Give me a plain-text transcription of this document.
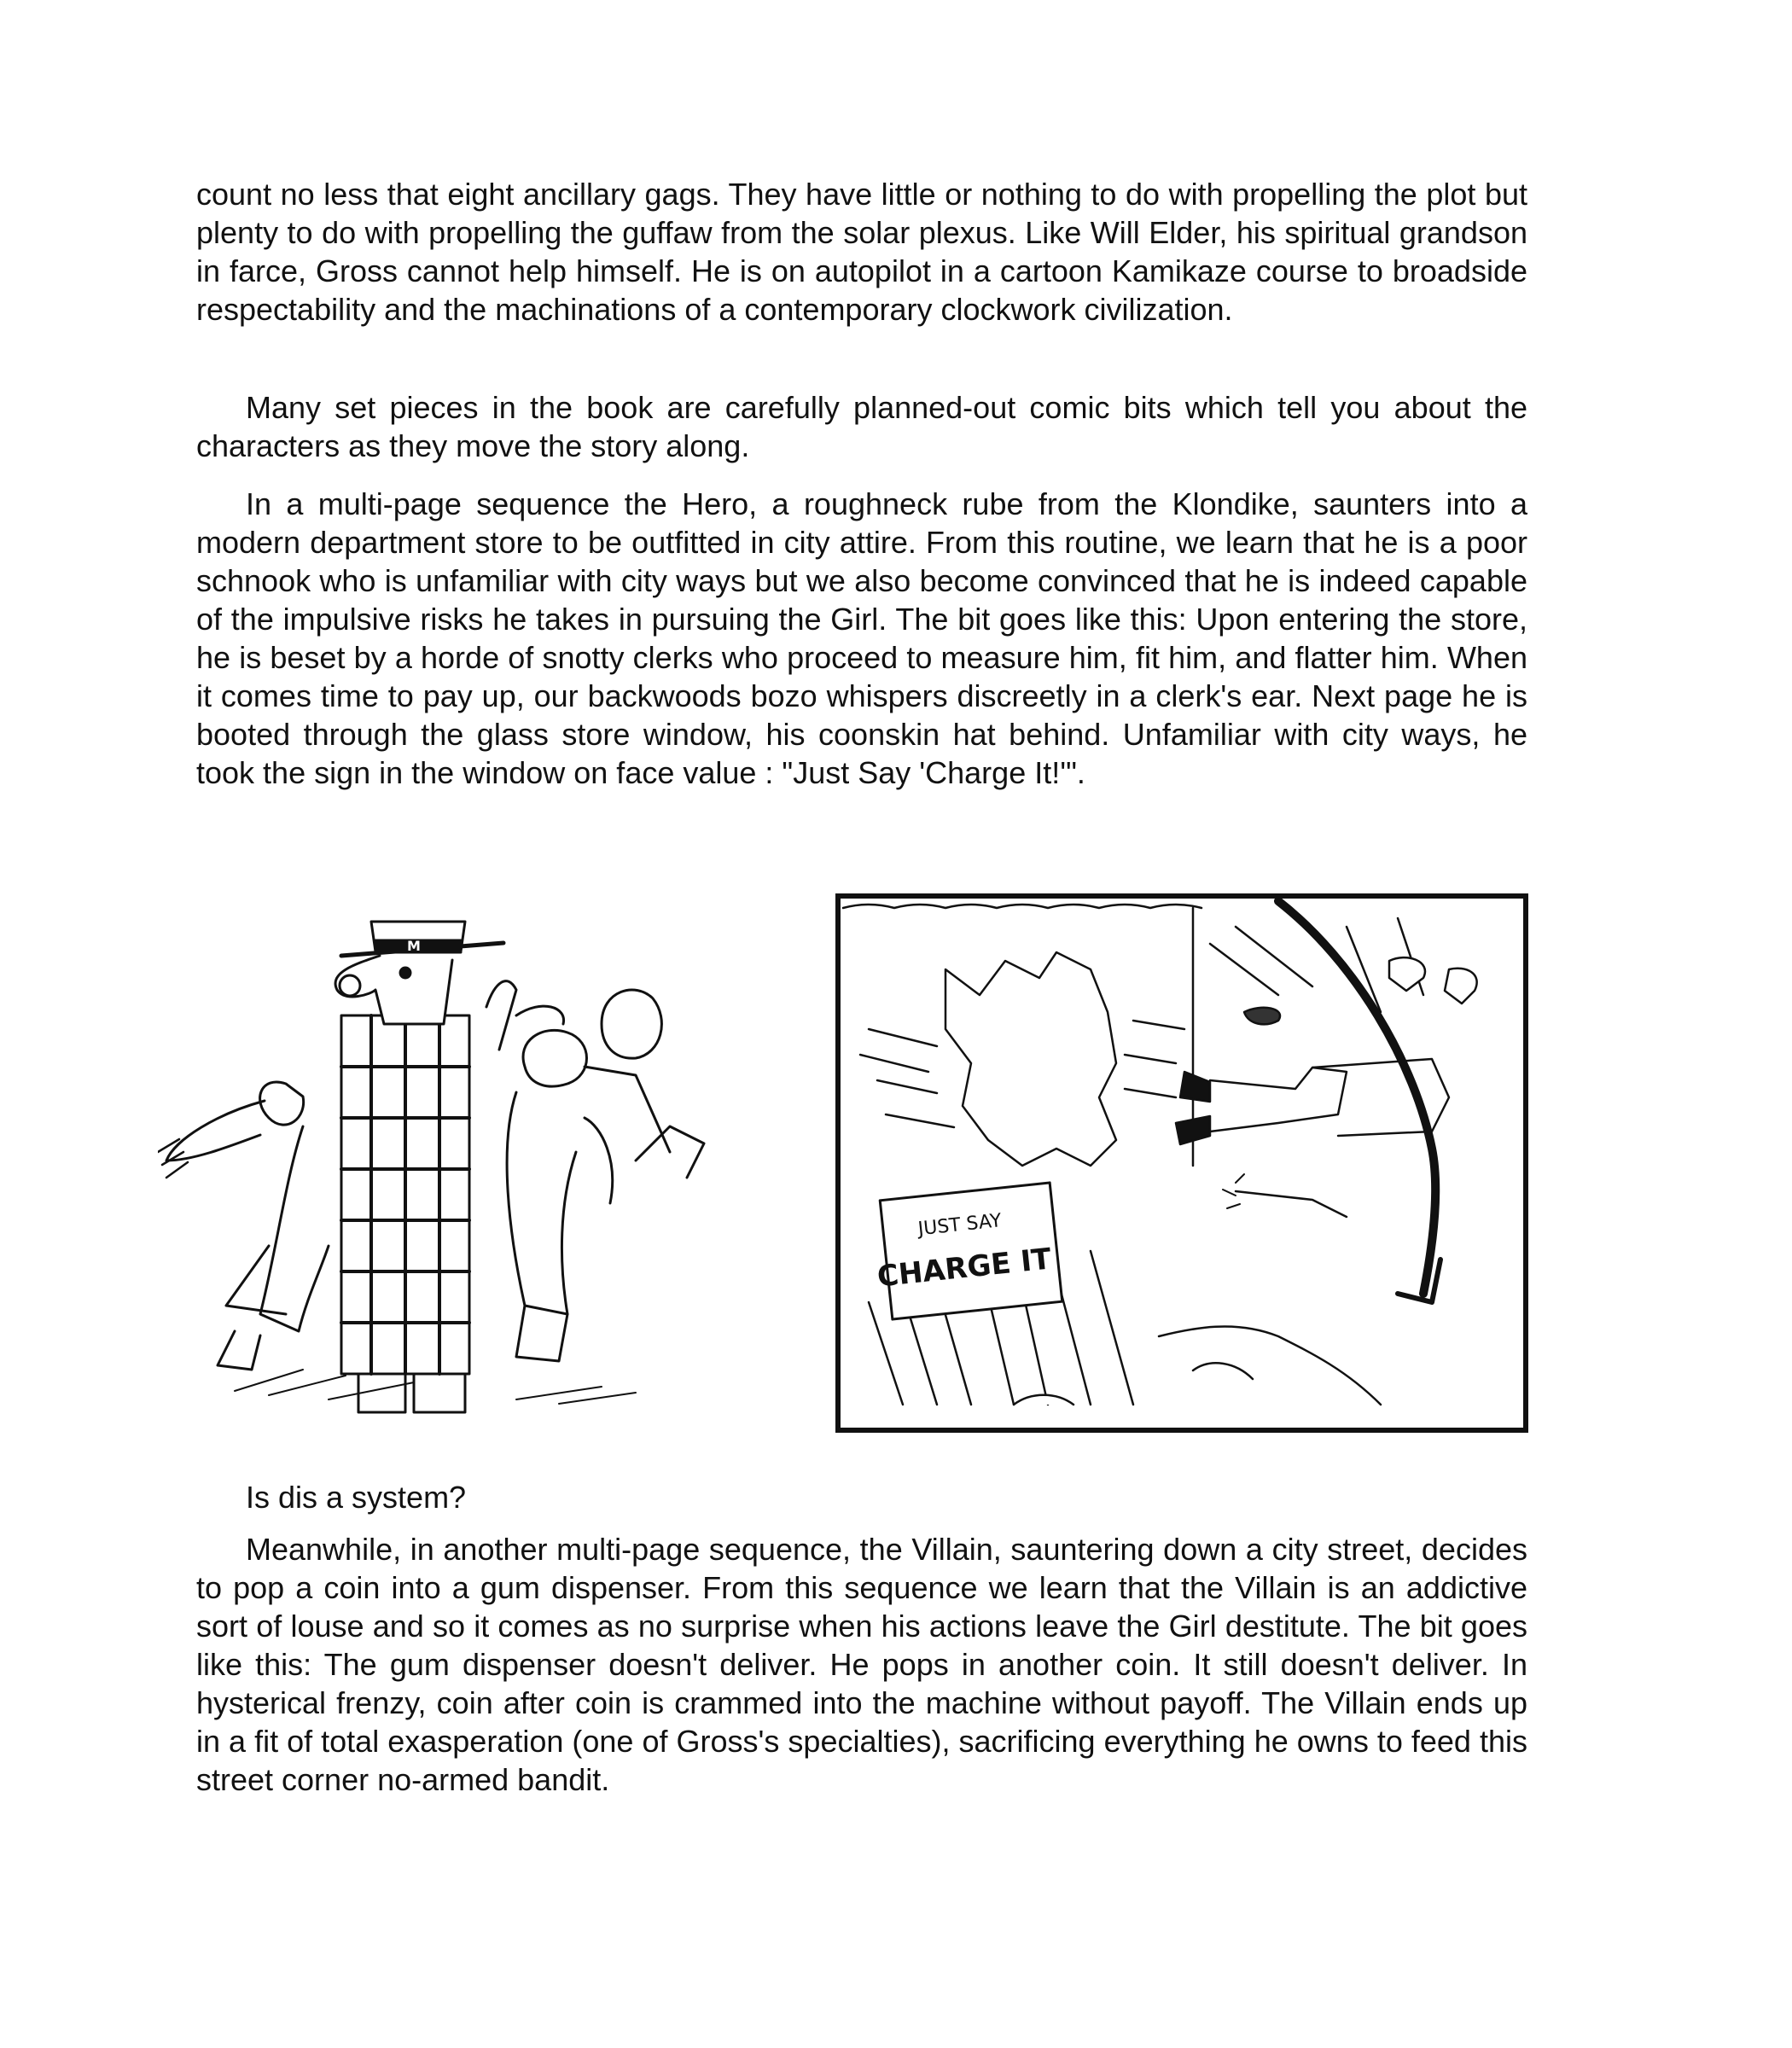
count no less that eight ancillary gags. They have little or nothing to do with propelling the plot but plenty to do with propelling the guffaw from the solar plexus. Like Will Elder, his spiritual grandson in farce, Gross cannot help himself. He is on autopilot in a cartoon Kamikaze course to broadside respectability and the machinations of a contemporary clockwork civilization.

Many set pieces in the book are carefully planned-out comic bits which tell you about the characters as they move the story along.

In a multi-page sequence the Hero, a roughneck rube from the Klondike, saunters into a modern department store to be outfitted in city attire. From this routine, we learn that he is a poor schnook who is unfamiliar with city ways but we also become convinced that he is indeed capable of the impulsive risks he takes in pursuing the Girl. The bit goes like this: Upon entering the store, he is beset by a horde of snotty clerks who proceed to measure him, fit him, and flatter him. When it comes time to pay up, our backwoods bozo whispers discreetly in a clerk's ear. Next page he is booted through the glass store window, his coonskin hat behind. Unfamiliar with city ways, he took the sign in the window on face value : "Just Say 'Charge It!'".

M
JUST SAY
CHARGE IT

Is dis a system?

Meanwhile, in another multi-page sequence, the Villain, sauntering down a city street, decides to pop a coin into a gum dispenser. From this sequence we learn that the Villain is an addictive sort of louse and so it comes as no surprise when his actions leave the Girl destitute. The bit goes like this: The gum dispenser doesn't deliver. He pops in another coin. It still doesn't deliver. In hysterical frenzy, coin after coin is crammed into the machine without payoff. The Villain ends up in a fit of total exasperation (one of Gross's specialties), sacrificing everything he owns to feed this street corner no-armed bandit.
